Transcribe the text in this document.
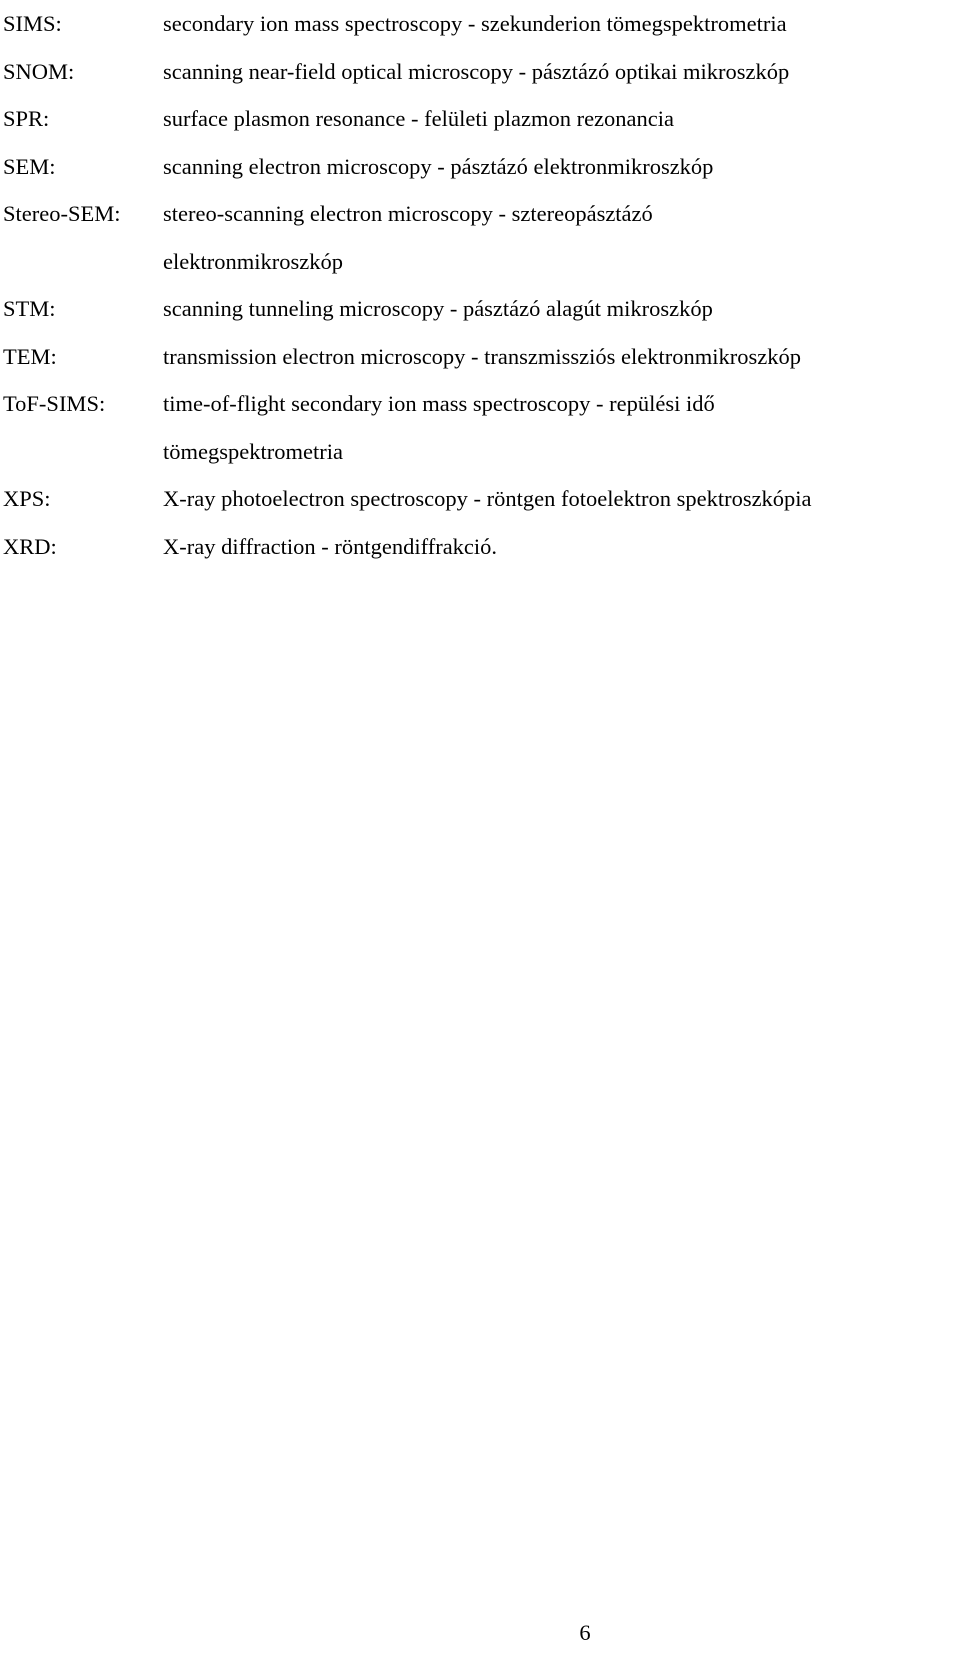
SIMS:	secondary ion mass spectroscopy - szekunderion tömegspektrometria
SNOM:	scanning near-field optical microscopy - pásztázó optikai mikroszkóp
SPR:	surface plasmon resonance - felületi plazmon rezonancia
SEM:	scanning electron microscopy - pásztázó elektronmikroszkóp
Stereo-SEM:	stereo-scanning electron microscopy - sztereopásztázó elektronmikroszkóp
STM:	scanning tunneling microscopy - pásztázó alagút mikroszkóp
TEM:	transmission electron microscopy - transzmissziós elektronmikroszkóp
ToF-SIMS:	time-of-flight secondary ion mass spectroscopy - repülési idő tömegspektrometria
XPS:	X-ray photoelectron spectroscopy - röntgen fotoelektron spektroszkópia
XRD:	X-ray diffraction - röntgendiffrakció.
6
